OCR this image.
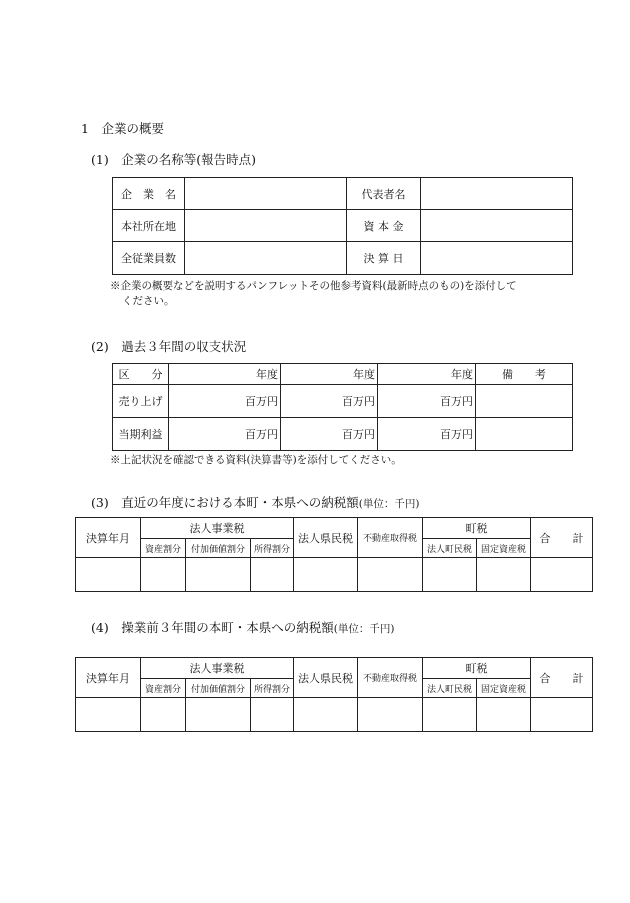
1　企業の概要
(1)　企業の名称等(報告時点)
企　業　名		代表者名	
本社所在地		資 本 金	
全従業員数		決 算 日	
※企業の概要などを説明するパンフレットその他参考資料(最新時点のもの)を添付して
ください。
(2)　過去３年間の収支状況
区　　分	年度	年度	年度	備　　考
売り上げ	百万円	百万円	百万円	
当期利益	百万円	百万円	百万円	
※上記状況を確認できる資料(決算書等)を添付してください。
(3)　直近の年度における本町・本県への納税額(単位：千円)
決算年月	法人事業税			法人県民税	不動産取得税	町税		合　　計
	資産割分	付加価値割分	所得割分			法人町民税	固定資産税	

(4)　操業前３年間の本町・本県への納税額(単位：千円)
決算年月	法人事業税			法人県民税	不動産取得税	町税		合　　計
	資産割分	付加価値割分	所得割分			法人町民税	固定資産税	
